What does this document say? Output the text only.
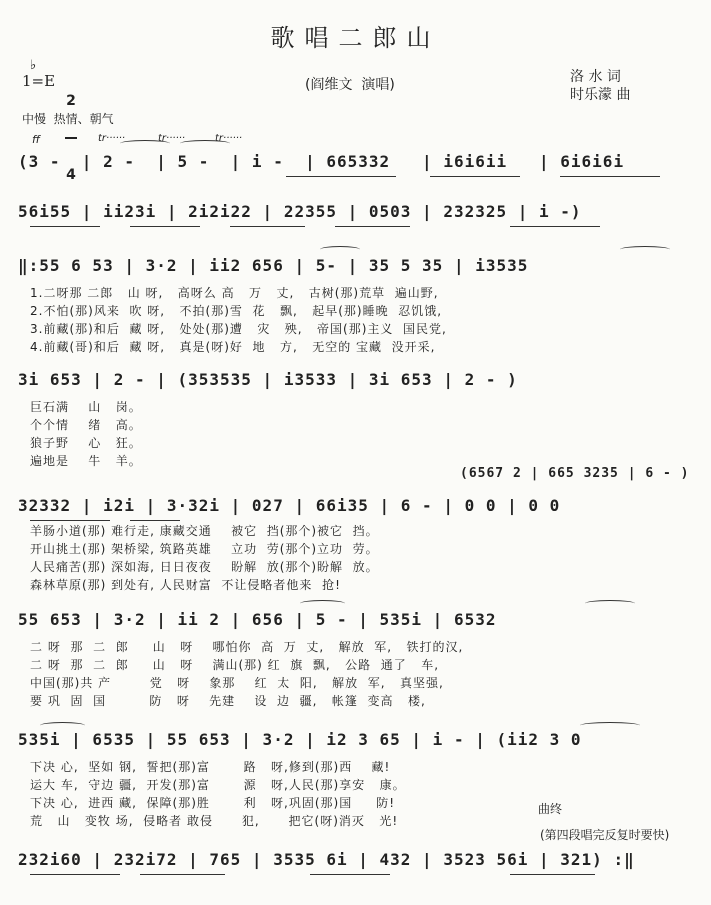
歌唱二郎山
♭
1=E

2

4

(阎维文  演唱)	洛 水 词
时乐濛 曲
中慢  热情、朝气
ff	tr······	tr······	tr······
(3 -  | 2 -  | 5 -  | i -  | 665332   | i6i6ii   | 6i6i6i
56i55 | ii23i | 2i2i22 | 22355 | 0503 | 232325 | i -)
‖:55 6 53 | 3·2 | ii2 656 | 5- | 35 5 35 | i3535
1.二呀那 二郎   山 呀,   高呀么 高   万   丈,   古树(那)荒草  遍山野,
2.不怕(那)风来  吹 呀,   不拍(那)雪  花   飘,   起早(那)睡晚  忍饥饿,
3.前藏(那)和后  藏 呀,   处处(那)遭   灾   殃,   帝国(那)主义  国民党,
4.前藏(哥)和后  藏 呀,   真是(呀)好  地   方,   无空的 宝藏  没开采,
3i 653 | 2 - | (353535 | i3533 | 3i 653 | 2 - )
巨石满    山   岗。
个个情    绪   高。
狼子野    心   狂。
遍地是    牛   羊。
(6567 2 | 665 3235 | 6 - )
32332 | i2i | 3·32i | 027 | 66i35 | 6 - | 0 0 | 0 0
羊肠小道(那) 难行走, 康藏交通    被它  挡(那个)被它  挡。
开山挑土(那) 架桥梁, 筑路英雄    立功  劳(那个)立功  劳。
人民痛苦(那) 深如海, 日日夜夜    盼解  放(那个)盼解  放。
森林草原(那) 到处有, 人民财富  不让侵略者他来  抢!
55 653 | 3·2 | ii 2 | 656 | 5 - | 535i | 6532
二 呀  那  二  郎     山   呀    哪怕你  高  万  丈,   解放  军,   铁打的汉,
二 呀  那  二  郎     山   呀    满山(那) 红  旗  飘,   公路  通了   车,
中国(那)共 产        党   呀    象那    红  太  阳,   解放  军,   真坚强,
要 巩  固  国         防   呀    先建    设  边  疆,   帐篷  变高   楼,
535i | 6535 | 55 653 | 3·2 | i2 3 65 | i - | (ii2 3 0
下决 心,  坚如 钢,  誓把(那)富       路   呀,修到(那)西    藏!
运大 车,  守边 疆,  开发(那)富       源   呀,人民(那)享安   康。
下决 心,  进西 藏,  保障(那)胜       利   呀,巩固(那)国     防!
荒   山   变牧 场,  侵略者 敢侵      犯,      把它(呀)消灭   光!
曲终
(第四段唱完反复时要快)
232i60 | 232i72 | 765 | 3535 6i | 432 | 3523 56i | 321) :‖
